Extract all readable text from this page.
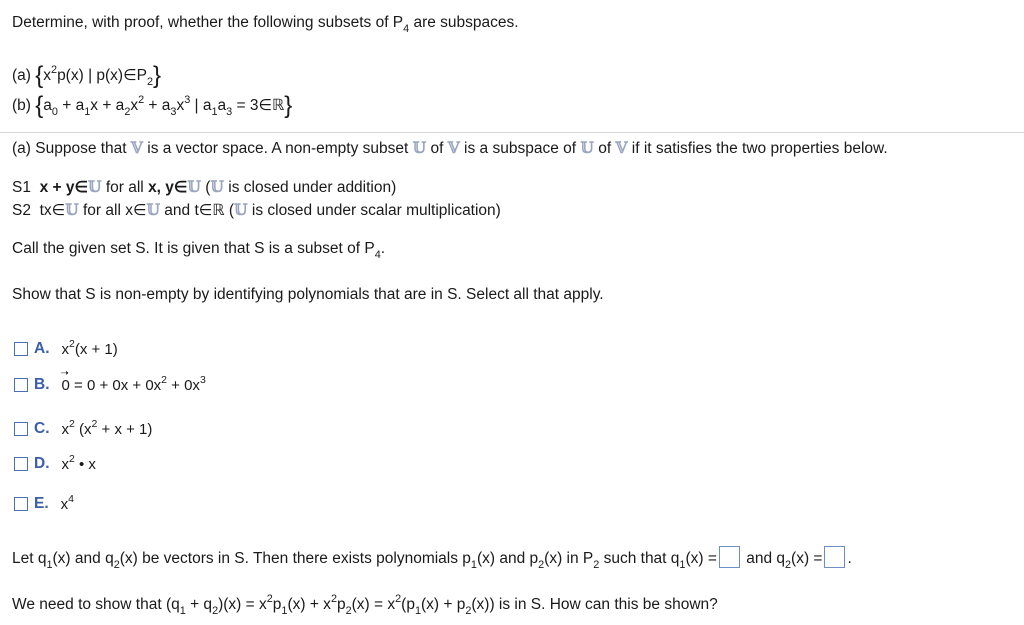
Determine, with proof, whether the following subsets of $P_4$ are subspaces.
(a) {$x^2p(x)$ | $p(x)\in P_2$}
(b) {$a_0 + a_1x + a_2x^2 + a_3x^3$ | $a_1a_3$ = 3∈ℝ}
(a) Suppose that 𝕍 is a vector space. A non-empty subset 𝕌 of 𝕍 is a subspace of 𝕌 of 𝕍 if it satisfies the two properties below.
S1 x + y∈𝕌 for all x, y∈𝕌 (𝕌 is closed under addition)
S2 tx∈𝕌 for all x∈𝕌 and t∈ℝ (𝕌 is closed under scalar multiplication)
Call the given set S. It is given that S is a subset of $P_4$.
Show that S is non-empty by identifying polynomials that are in S. Select all that apply.
A. $x^2(x + 1)$
B.
➝
$0 = 0 + 0x + 0x^2 + 0x^3$
C. $x^2$ $(x^2 + x + 1)$
D. $x^2$ • x
E. $x^4$
Let $q_1(x)$ and $q_2(x)$ be vectors in S. Then there exists polynomials $p_1(x)$ and $p_2(x)$ in $P_2$ such that $q_1(x)$ = and $q_2(x)$ = .
We need to show that $(q_1 + q_2)(x) = x^2p_1(x) + x^2p_2(x) = x^2(p_1(x) + p_2(x))$ is in S. How can this be shown?
